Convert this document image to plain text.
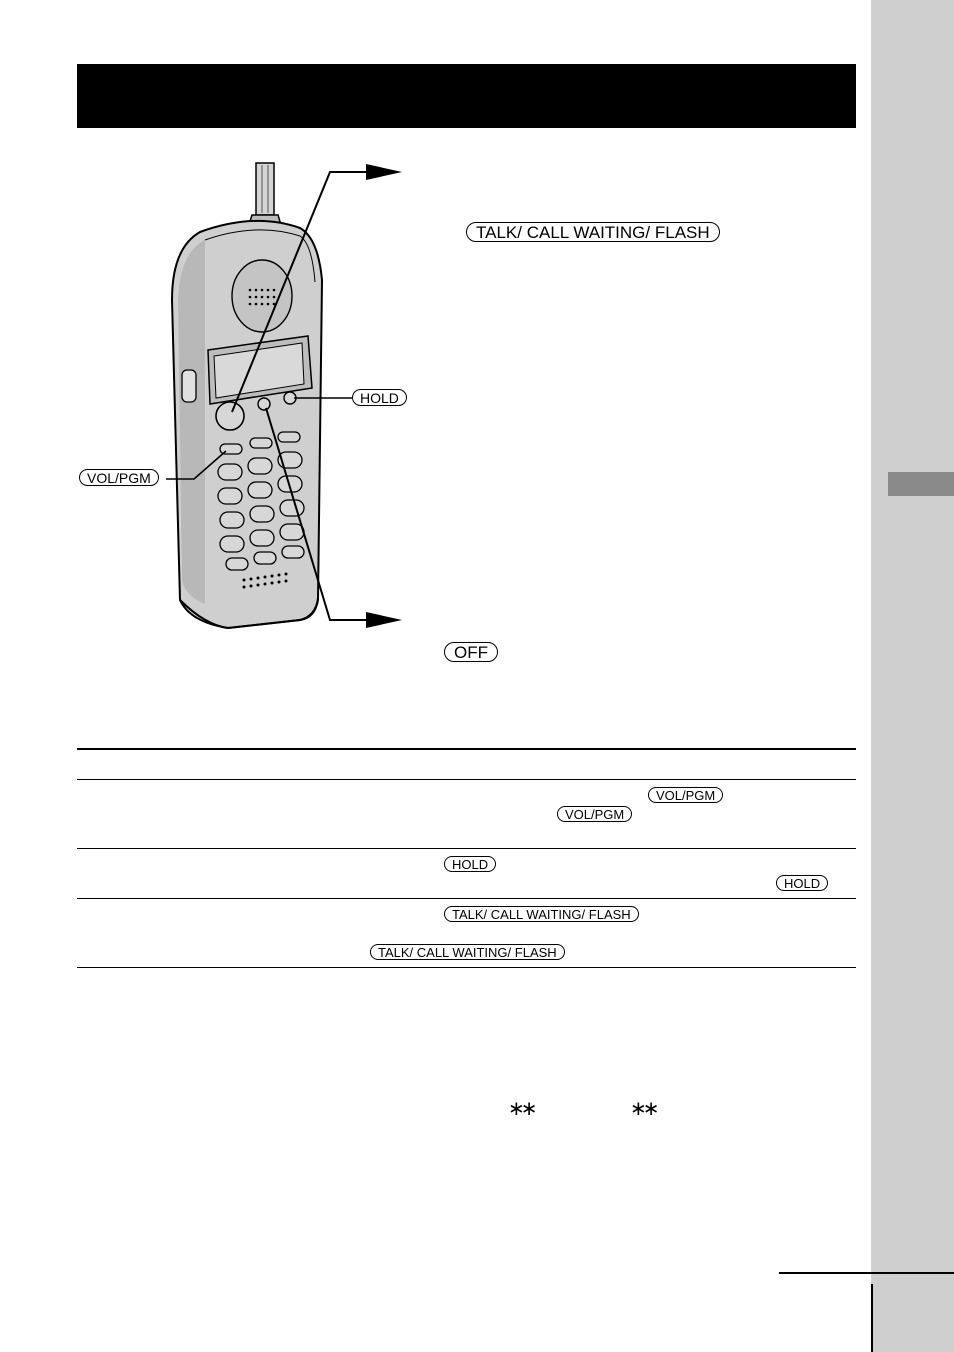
TALK/ CALL WAITING/ FLASH
HOLD
VOL/PGM
OFF
VOL/PGM
VOL/PGM
HOLD
HOLD
TALK/ CALL WAITING/ FLASH
TALK/ CALL WAITING/ FLASH
∗∗	∗∗
